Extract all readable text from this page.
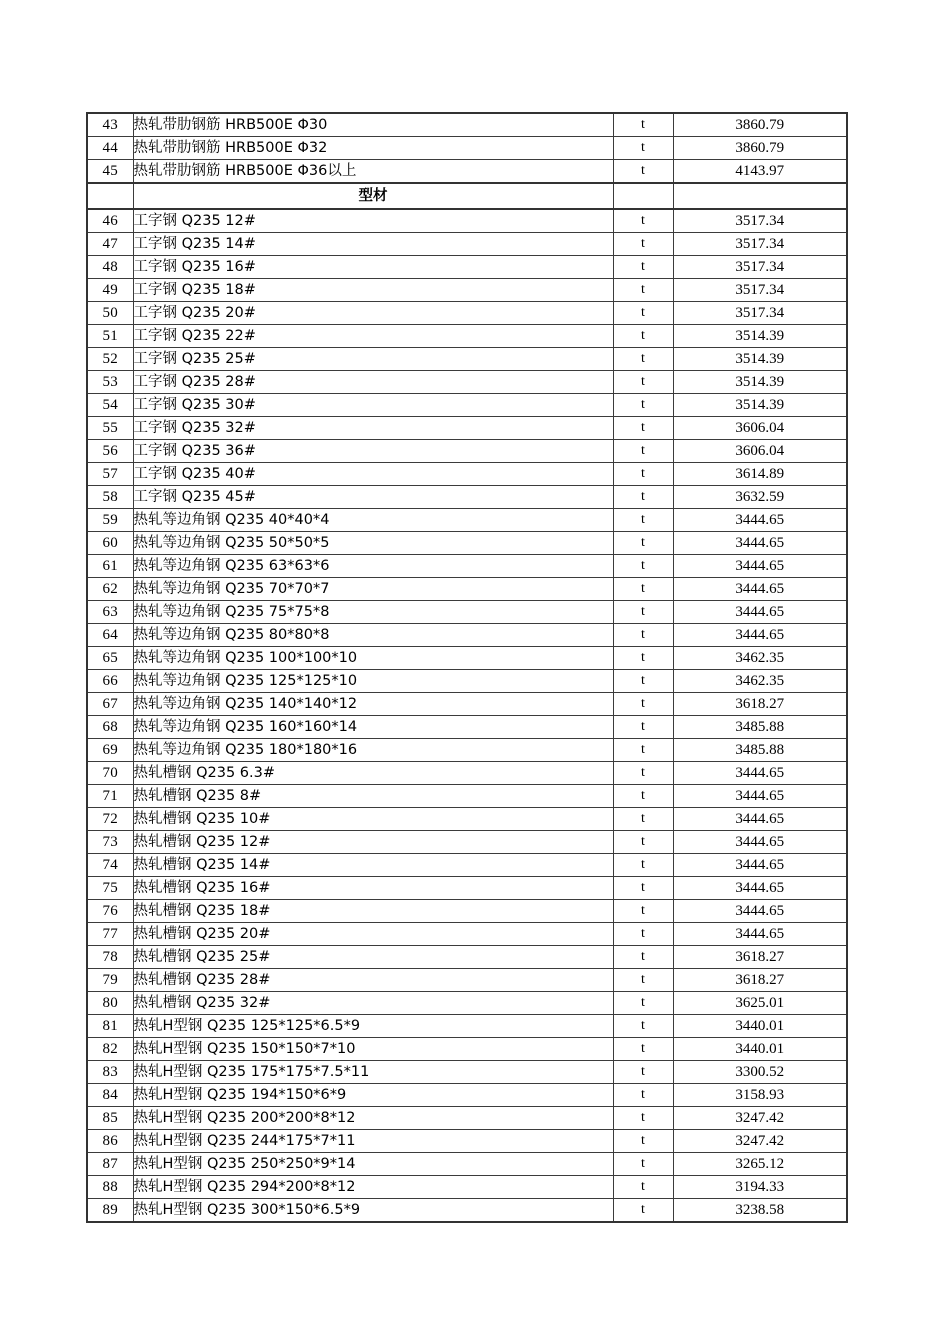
43	热轧带肋钢筋 HRB500E Φ30	t	3860.79
44	热轧带肋钢筋 HRB500E Φ32	t	3860.79
45	热轧带肋钢筋 HRB500E Φ36以上	t	4143.97
	型材		
46	工字钢 Q235 12#	t	3517.34
47	工字钢 Q235 14#	t	3517.34
48	工字钢 Q235 16#	t	3517.34
49	工字钢 Q235 18#	t	3517.34
50	工字钢 Q235 20#	t	3517.34
51	工字钢 Q235 22#	t	3514.39
52	工字钢 Q235 25#	t	3514.39
53	工字钢 Q235 28#	t	3514.39
54	工字钢 Q235 30#	t	3514.39
55	工字钢 Q235 32#	t	3606.04
56	工字钢 Q235 36#	t	3606.04
57	工字钢 Q235 40#	t	3614.89
58	工字钢 Q235 45#	t	3632.59
59	热轧等边角钢 Q235 40*40*4	t	3444.65
60	热轧等边角钢 Q235 50*50*5	t	3444.65
61	热轧等边角钢 Q235 63*63*6	t	3444.65
62	热轧等边角钢 Q235 70*70*7	t	3444.65
63	热轧等边角钢 Q235 75*75*8	t	3444.65
64	热轧等边角钢 Q235 80*80*8	t	3444.65
65	热轧等边角钢 Q235 100*100*10	t	3462.35
66	热轧等边角钢 Q235 125*125*10	t	3462.35
67	热轧等边角钢 Q235 140*140*12	t	3618.27
68	热轧等边角钢 Q235 160*160*14	t	3485.88
69	热轧等边角钢 Q235 180*180*16	t	3485.88
70	热轧槽钢 Q235 6.3#	t	3444.65
71	热轧槽钢 Q235 8#	t	3444.65
72	热轧槽钢 Q235 10#	t	3444.65
73	热轧槽钢 Q235 12#	t	3444.65
74	热轧槽钢 Q235 14#	t	3444.65
75	热轧槽钢 Q235 16#	t	3444.65
76	热轧槽钢 Q235 18#	t	3444.65
77	热轧槽钢 Q235 20#	t	3444.65
78	热轧槽钢 Q235 25#	t	3618.27
79	热轧槽钢 Q235 28#	t	3618.27
80	热轧槽钢 Q235 32#	t	3625.01
81	热轧H型钢 Q235 125*125*6.5*9	t	3440.01
82	热轧H型钢 Q235 150*150*7*10	t	3440.01
83	热轧H型钢 Q235 175*175*7.5*11	t	3300.52
84	热轧H型钢 Q235 194*150*6*9	t	3158.93
85	热轧H型钢 Q235 200*200*8*12	t	3247.42
86	热轧H型钢 Q235 244*175*7*11	t	3247.42
87	热轧H型钢 Q235 250*250*9*14	t	3265.12
88	热轧H型钢 Q235 294*200*8*12	t	3194.33
89	热轧H型钢 Q235 300*150*6.5*9	t	3238.58
